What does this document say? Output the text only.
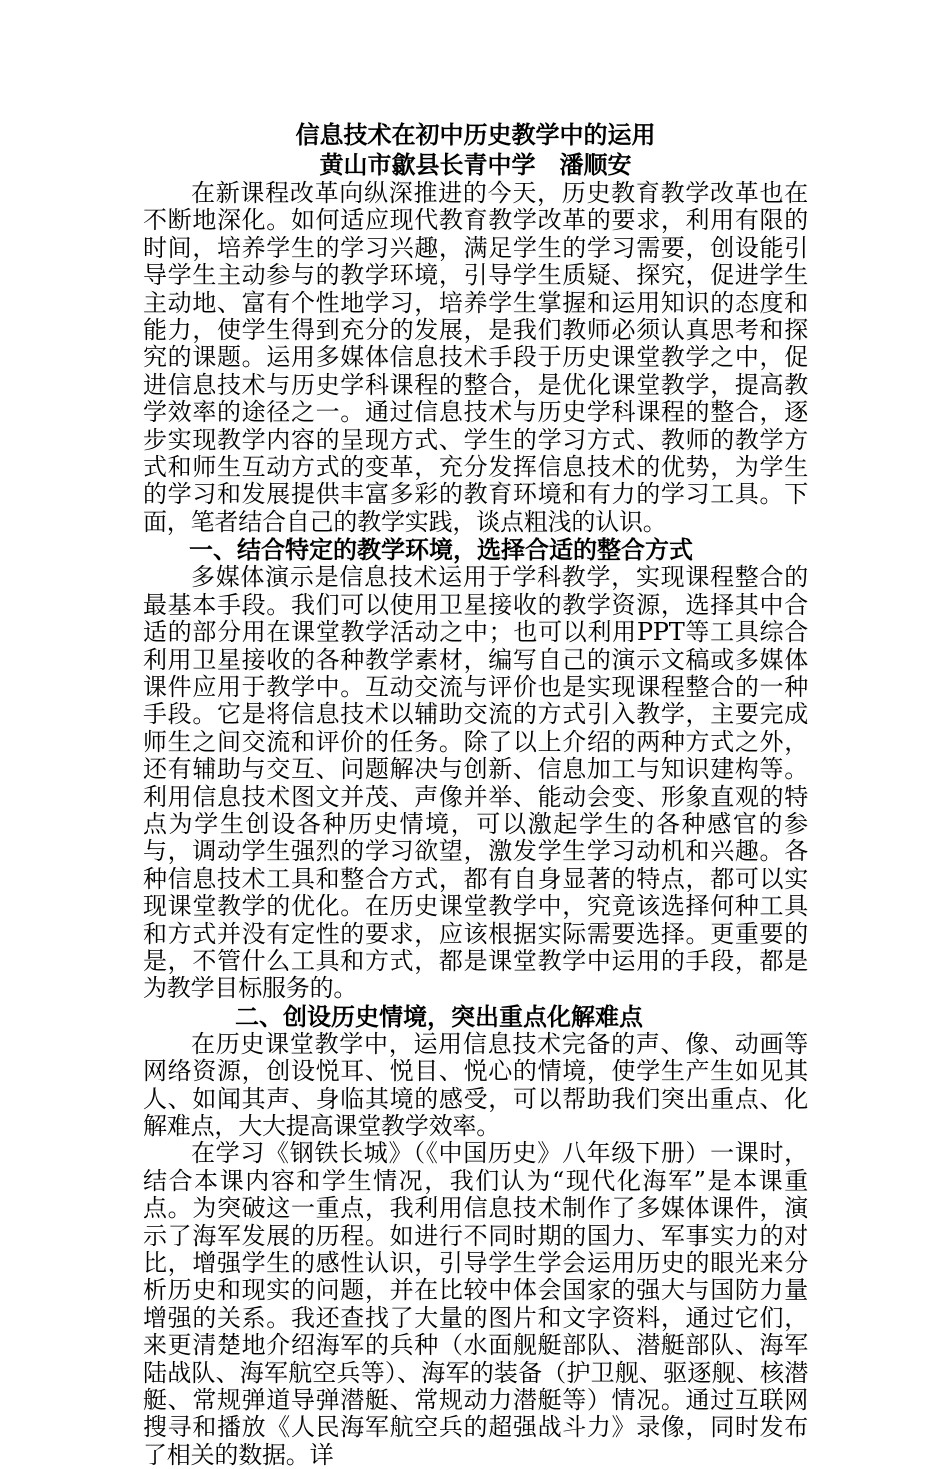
信息技术在初中历史教学中的运用

黄山市歙县长青中学　潘顺安

在新课程改革向纵深推进的今天，历史教育教学改革也在不断地深化。如何适应现代教育教学改革的要求，利用有限的时间，培养学生的学习兴趣，满足学生的学习需要，创设能引导学生主动参与的教学环境，引导学生质疑、探究，促进学生主动地、富有个性地学习，培养学生掌握和运用知识的态度和能力，使学生得到充分的发展，是我们教师必须认真思考和探究的课题。运用多媒体信息技术手段于历史课堂教学之中，促进信息技术与历史学科课程的整合，是优化课堂教学，提高教学效率的途径之一。通过信息技术与历史学科课程的整合，逐步实现教学内容的呈现方式、学生的学习方式、教师的教学方式和师生互动方式的变革，充分发挥信息技术的优势，为学生的学习和发展提供丰富多彩的教育环境和有力的学习工具。下面，笔者结合自己的教学实践，谈点粗浅的认识。

一、结合特定的教学环境，选择合适的整合方式

多媒体演示是信息技术运用于学科教学，实现课程整合的最基本手段。我们可以使用卫星接收的教学资源，选择其中合适的部分用在课堂教学活动之中；也可以利用PPT等工具综合利用卫星接收的各种教学素材，编写自己的演示文稿或多媒体课件应用于教学中。互动交流与评价也是实现课程整合的一种手段。它是将信息技术以辅助交流的方式引入教学，主要完成师生之间交流和评价的任务。除了以上介绍的两种方式之外，还有辅助与交互、问题解决与创新、信息加工与知识建构等。利用信息技术图文并茂、声像并举、能动会变、形象直观的特点为学生创设各种历史情境，可以激起学生的各种感官的参与，调动学生强烈的学习欲望，激发学生学习动机和兴趣。各种信息技术工具和整合方式，都有自身显著的特点，都可以实现课堂教学的优化。在历史课堂教学中，究竟该选择何种工具和方式并没有定性的要求，应该根据实际需要选择。更重要的是，不管什么工具和方式，都是课堂教学中运用的手段，都是为教学目标服务的。

二、创设历史情境，突出重点化解难点

在历史课堂教学中，运用信息技术完备的声、像、动画等网络资源，创设悦耳、悦目、悦心的情境，使学生产生如见其人、如闻其声、身临其境的感受，可以帮助我们突出重点、化解难点，大大提高课堂教学效率。

在学习《钢铁长城》（《中国历史》八年级下册）一课时，结合本课内容和学生情况，我们认为“现代化海军”是本课重点。为突破这一重点，我利用信息技术制作了多媒体课件，演示了海军发展的历程。如进行不同时期的国力、军事实力的对比，增强学生的感性认识，引导学生学会运用历史的眼光来分析历史和现实的问题，并在比较中体会国家的强大与国防力量增强的关系。我还查找了大量的图片和文字资料，通过它们，来更清楚地介绍海军的兵种（水面舰艇部队、潜艇部队、海军陆战队、海军航空兵等）、海军的装备（护卫舰、驱逐舰、核潜艇、常规弹道导弹潜艇、常规动力潜艇等）情况。通过互联网搜寻和播放《人民海军航空兵的超强战斗力》录像，同时发布了相关的数据。详
